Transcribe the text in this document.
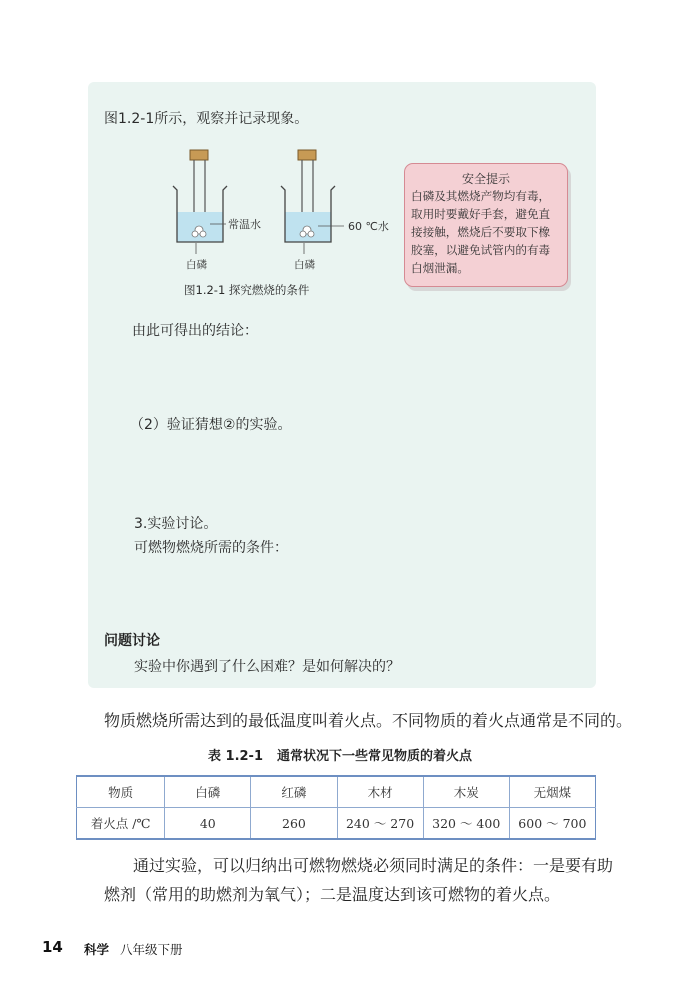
图1.2-1所示，观察并记录现象。
常温水	60 ℃水
白磷	白磷
图1.2-1 探究燃烧的条件
安全提示
白磷及其燃烧产物均有毒，
取用时要戴好手套，避免直
接接触，燃烧后不要取下橡
胶塞，以避免试管内的有毒
白烟泄漏。
由此可得出的结论：
（2）验证猜想②的实验。
3.实验讨论。
可燃物燃烧所需的条件：
问题讨论
实验中你遇到了什么困难？是如何解决的？
物质燃烧所需达到的最低温度叫着火点。不同物质的着火点通常是不同的。
表 1.2-1 通常状况下一些常见物质的着火点
物质	白磷	红磷	木材	木炭	无烟煤
着火点 /℃	40	260	240 ～ 270	320 ～ 400	600 ～ 700
通过实验，可以归纳出可燃物燃烧必须同时满足的条件：一是要有助
燃剂（常用的助燃剂为氧气）；二是温度达到该可燃物的着火点。
14 科学 八年级下册
